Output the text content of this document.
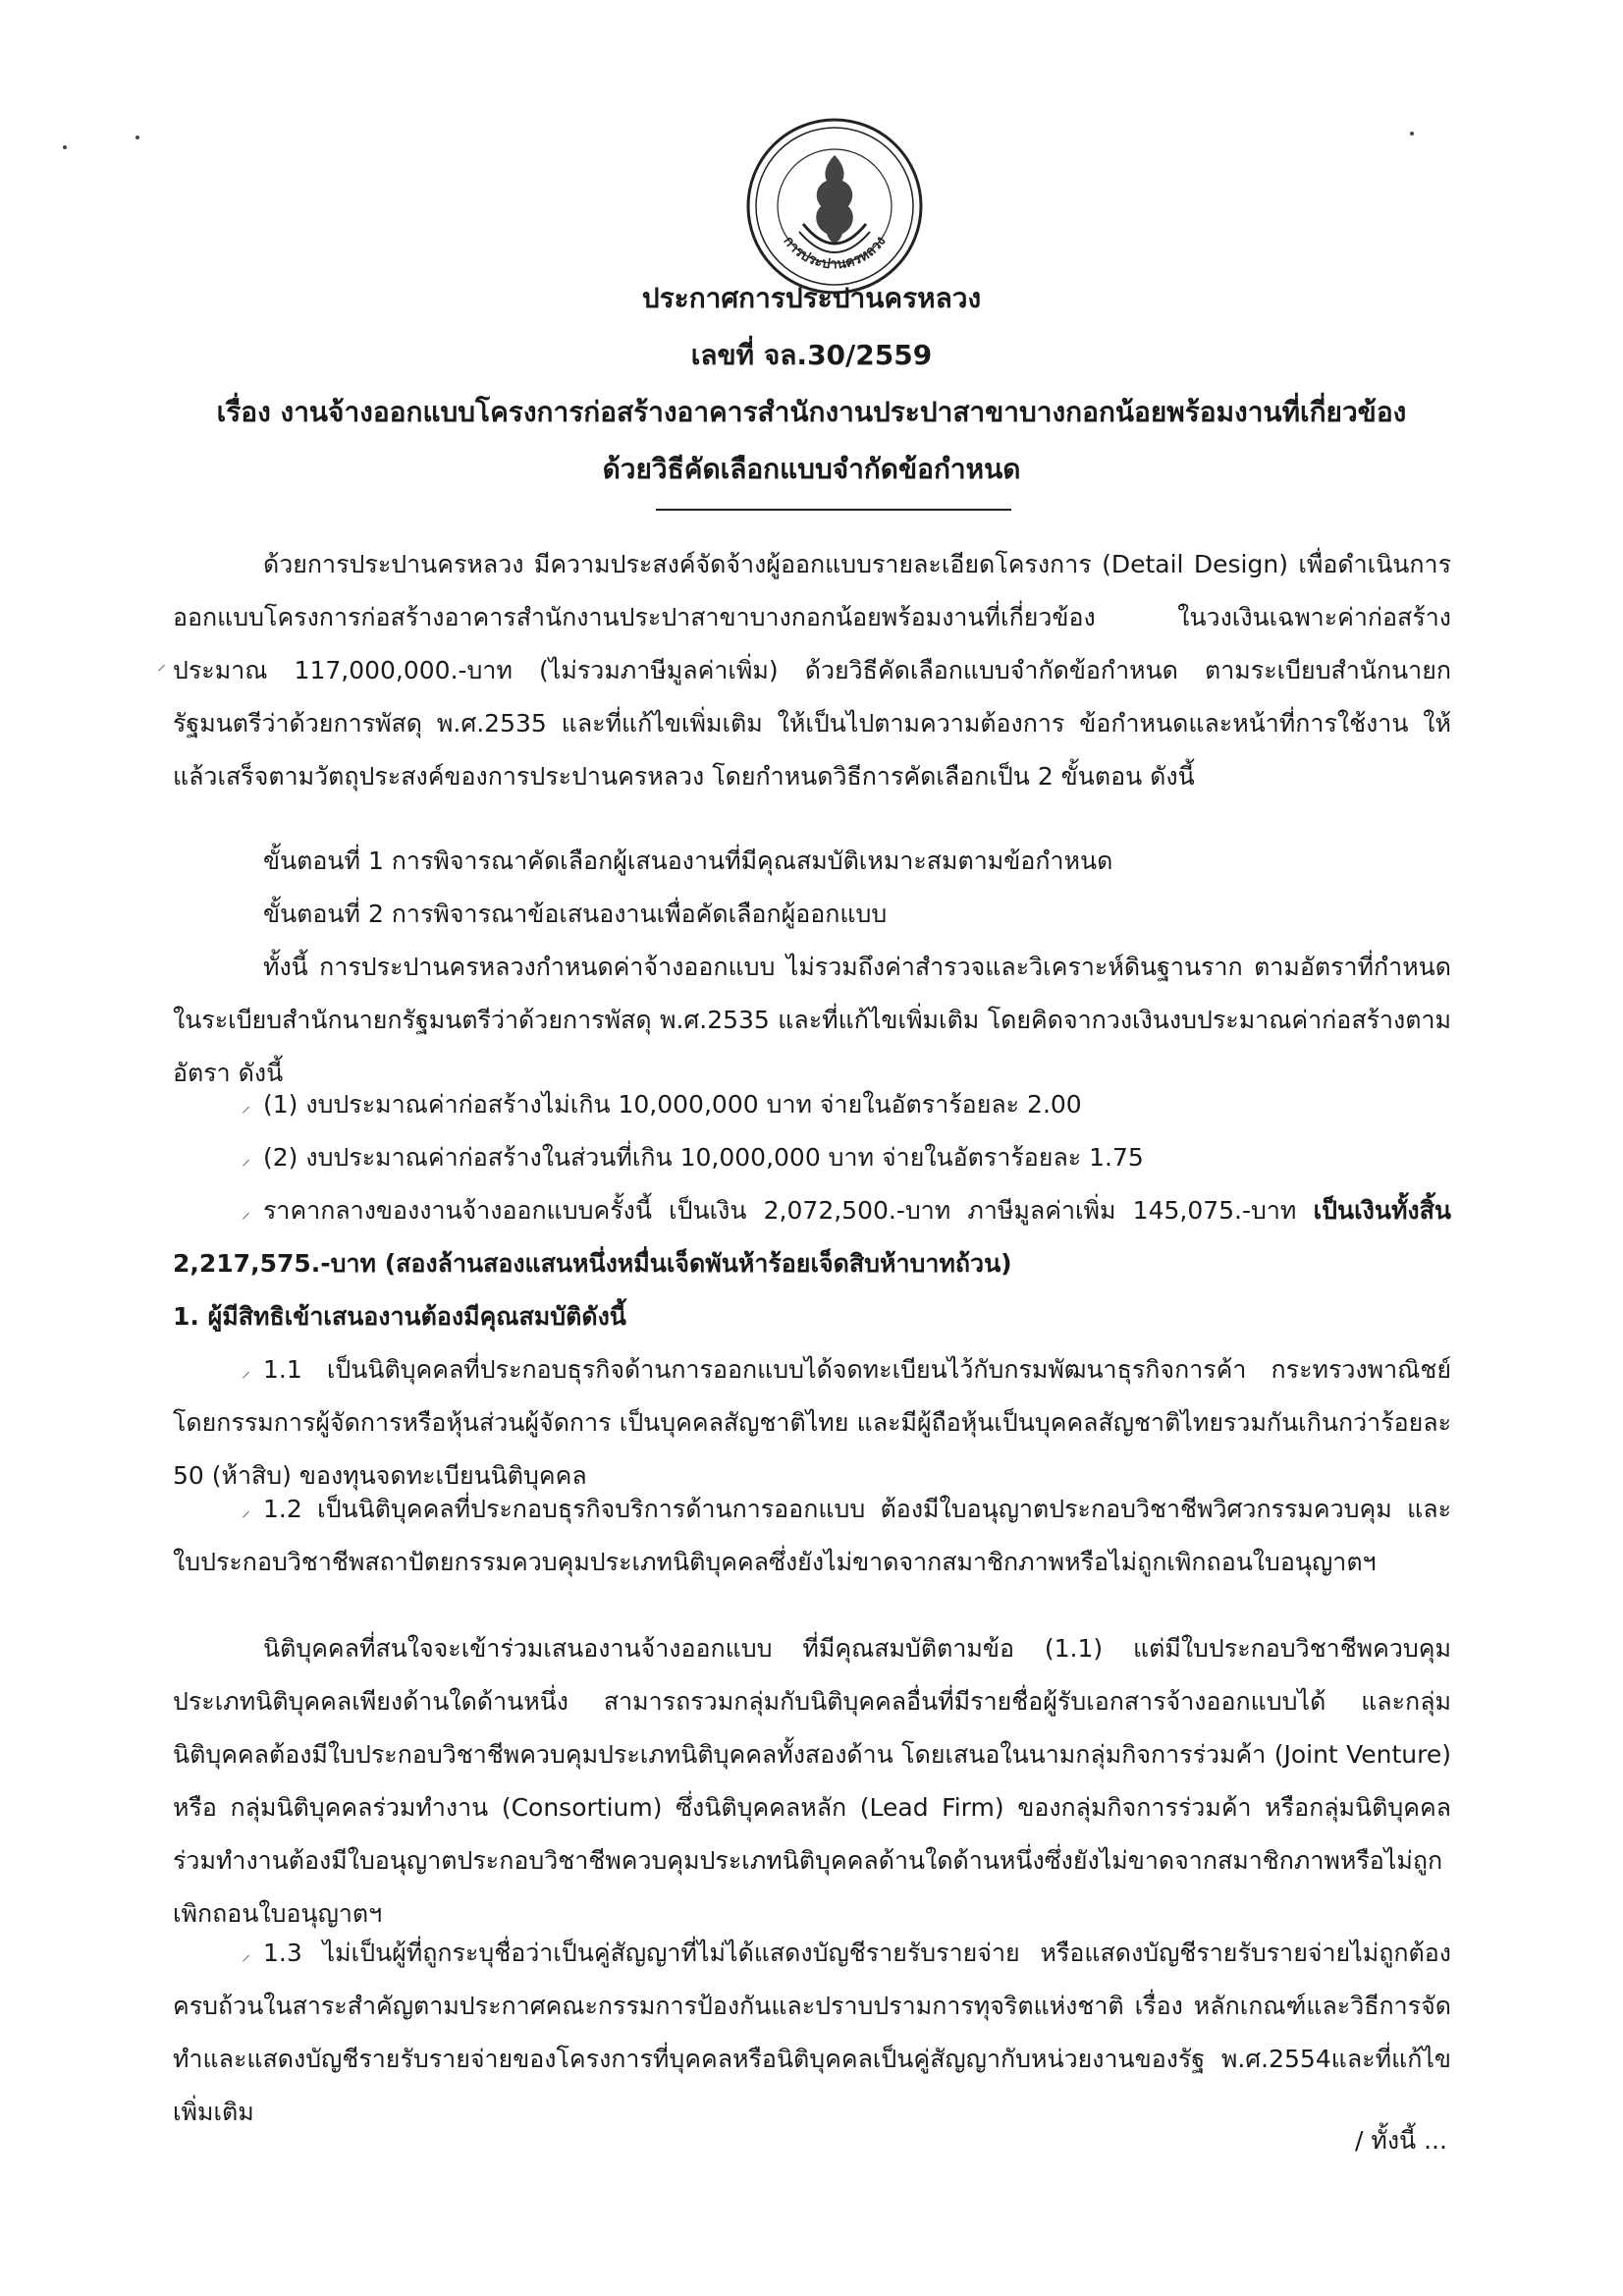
การประปานครหลวง
ประกาศการประปานครหลวง
เลขที่ จล.30/2559
เรื่อง งานจ้างออกแบบโครงการก่อสร้างอาคารสำนักงานประปาสาขาบางกอกน้อยพร้อมงานที่เกี่ยวข้อง
ด้วยวิธีคัดเลือกแบบจำกัดข้อกำหนด
ด้วยการประปานครหลวง มีความประสงค์จัดจ้างผู้ออกแบบรายละเอียดโครงการ (Detail Design) เพื่อดำเนินการออกแบบโครงการก่อสร้างอาคารสำนักงานประปาสาขาบางกอกน้อยพร้อมงานที่เกี่ยวข้อง ในวงเงินเฉพาะค่าก่อสร้างประมาณ 117,000,000.-บาท (ไม่รวมภาษีมูลค่าเพิ่ม) ด้วยวิธีคัดเลือกแบบจำกัดข้อกำหนด ตามระเบียบสำนักนายกรัฐมนตรีว่าด้วยการพัสดุ พ.ศ.2535 และที่แก้ไขเพิ่มเติม ให้เป็นไปตามความต้องการ ข้อกำหนดและหน้าที่การใช้งาน ให้แล้วเสร็จตามวัตถุประสงค์ของการประปานครหลวง โดยกำหนดวิธีการคัดเลือกเป็น 2 ขั้นตอน ดังนี้
ขั้นตอนที่ 1 การพิจารณาคัดเลือกผู้เสนองานที่มีคุณสมบัติเหมาะสมตามข้อกำหนด
ขั้นตอนที่ 2 การพิจารณาข้อเสนองานเพื่อคัดเลือกผู้ออกแบบ
ทั้งนี้ การประปานครหลวงกำหนดค่าจ้างออกแบบ ไม่รวมถึงค่าสำรวจและวิเคราะห์ดินฐานราก ตามอัตราที่กำหนดในระเบียบสำนักนายกรัฐมนตรีว่าด้วยการพัสดุ พ.ศ.2535 และที่แก้ไขเพิ่มเติม โดยคิดจากวงเงินงบประมาณค่าก่อสร้างตามอัตรา ดังนี้
(1) งบประมาณค่าก่อสร้างไม่เกิน 10,000,000 บาท จ่ายในอัตราร้อยละ 2.00
(2) งบประมาณค่าก่อสร้างในส่วนที่เกิน 10,000,000 บาท จ่ายในอัตราร้อยละ 1.75
ราคากลางของงานจ้างออกแบบครั้งนี้ เป็นเงิน 2,072,500.-บาท ภาษีมูลค่าเพิ่ม 145,075.-บาท เป็นเงินทั้งสิ้น 2,217,575.-บาท (สองล้านสองแสนหนึ่งหมื่นเจ็ดพันห้าร้อยเจ็ดสิบห้าบาทถ้วน)
1. ผู้มีสิทธิเข้าเสนองานต้องมีคุณสมบัติดังนี้
1.1 เป็นนิติบุคคลที่ประกอบธุรกิจด้านการออกแบบได้จดทะเบียนไว้กับกรมพัฒนาธุรกิจการค้า กระทรวงพาณิชย์ โดยกรรมการผู้จัดการหรือหุ้นส่วนผู้จัดการ เป็นบุคคลสัญชาติไทย และมีผู้ถือหุ้นเป็นบุคคลสัญชาติไทยรวมกันเกินกว่าร้อยละ 50 (ห้าสิบ) ของทุนจดทะเบียนนิติบุคคล
1.2 เป็นนิติบุคคลที่ประกอบธุรกิจบริการด้านการออกแบบ ต้องมีใบอนุญาตประกอบวิชาชีพวิศวกรรมควบคุม และใบประกอบวิชาชีพสถาปัตยกรรมควบคุมประเภทนิติบุคคลซึ่งยังไม่ขาดจากสมาชิกภาพหรือไม่ถูกเพิกถอนใบอนุญาตฯ
นิติบุคคลที่สนใจจะเข้าร่วมเสนองานจ้างออกแบบ ที่มีคุณสมบัติตามข้อ (1.1) แต่มีใบประกอบวิชาชีพควบคุมประเภทนิติบุคคลเพียงด้านใดด้านหนึ่ง สามารถรวมกลุ่มกับนิติบุคคลอื่นที่มีรายชื่อผู้รับเอกสารจ้างออกแบบได้ และกลุ่มนิติบุคคลต้องมีใบประกอบวิชาชีพควบคุมประเภทนิติบุคคลทั้งสองด้าน โดยเสนอในนามกลุ่มกิจการร่วมค้า (Joint Venture) หรือ กลุ่มนิติบุคคลร่วมทำงาน (Consortium) ซึ่งนิติบุคคลหลัก (Lead Firm) ของกลุ่มกิจการร่วมค้า หรือกลุ่มนิติบุคคลร่วมทำงานต้องมีใบอนุญาตประกอบวิชาชีพควบคุมประเภทนิติบุคคลด้านใดด้านหนึ่งซึ่งยังไม่ขาดจากสมาชิกภาพหรือไม่ถูกเพิกถอนใบอนุญาตฯ
1.3 ไม่เป็นผู้ที่ถูกระบุชื่อว่าเป็นคู่สัญญาที่ไม่ได้แสดงบัญชีรายรับรายจ่าย หรือแสดงบัญชีรายรับรายจ่ายไม่ถูกต้องครบถ้วนในสาระสำคัญตามประกาศคณะกรรมการป้องกันและปราบปรามการทุจริตแห่งชาติ เรื่อง หลักเกณฑ์และวิธีการจัดทำและแสดงบัญชีรายรับรายจ่ายของโครงการที่บุคคลหรือนิติบุคคลเป็นคู่สัญญากับหน่วยงานของรัฐ พ.ศ.2554และที่แก้ไขเพิ่มเติม
/ ทั้งนี้ ...
⸝
⸝
⸝
⸝
⸝
⸝
⸝
